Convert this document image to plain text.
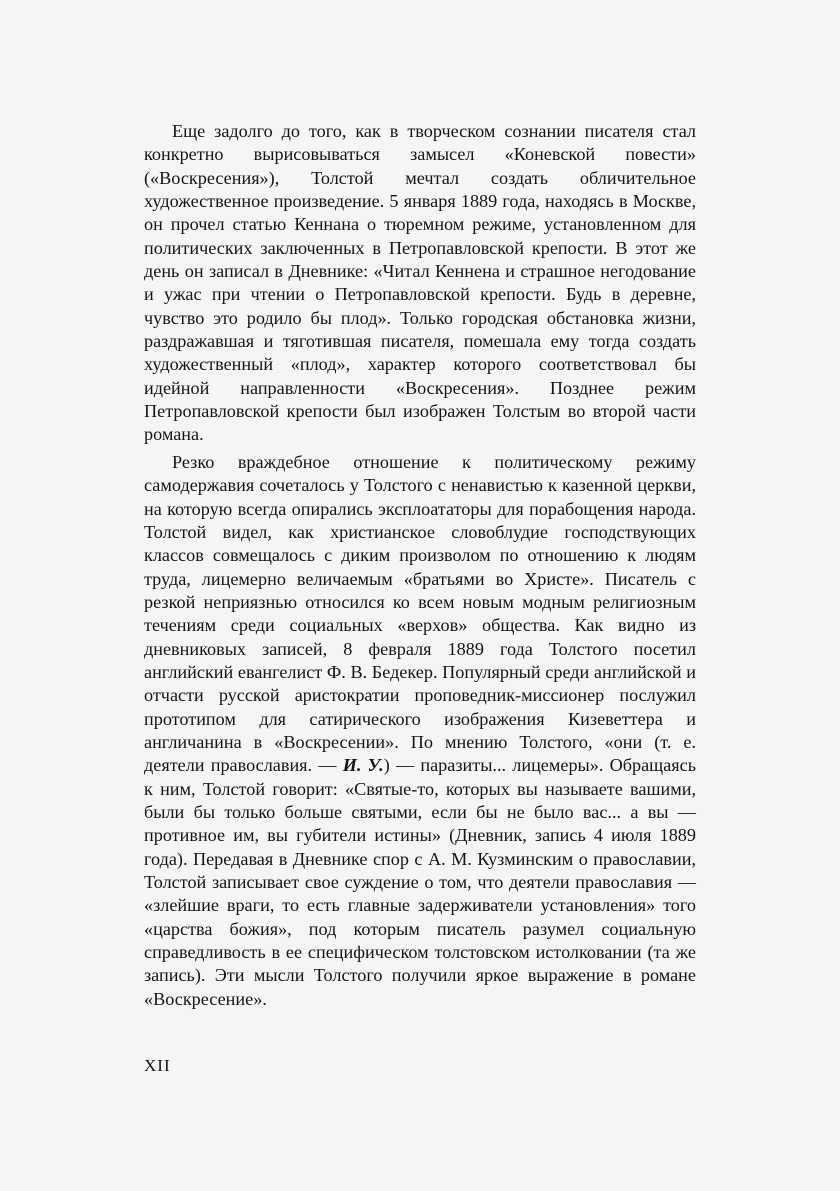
Еще задолго до того, как в творческом сознании писателя стал конкретно вырисовываться замысел «Коневской повести» («Воскресения»), Толстой мечтал создать обличительное художественное произведение. 5 января 1889 года, находясь в Москве, он прочел статью Кеннана о тюремном режиме, установленном для политических заключенных в Петропавловской крепости. В этот же день он записал в Дневнике: «Читал Кеннена и страшное негодование и ужас при чтении о Петропавловской крепости. Будь в деревне, чувство это родило бы плод». Только городская обстановка жизни, раздражавшая и тяготившая писателя, помешала ему тогда создать художественный «плод», характер которого соответствовал бы идейной направленности «Воскресения». Позднее режим Петропавловской крепости был изображен Толстым во второй части романа.

Резко враждебное отношение к политическому режиму самодержавия сочеталось у Толстого с ненавистью к казенной церкви, на которую всегда опирались эксплоататоры для порабощения народа. Толстой видел, как христианское словоблудие господствующих классов совмещалось с диким произволом по отношению к людям труда, лицемерно величаемым «братьями во Христе». Писатель с резкой неприязнью относился ко всем новым модным религиозным течениям среди социальных «верхов» общества. Как видно из дневниковых записей, 8 февраля 1889 года Толстого посетил английский евангелист Ф. В. Бедекер. Популярный среди английской и отчасти русской аристократии проповедник-миссионер послужил прототипом для сатирического изображения Кизеветтера и англичанина в «Воскресении». По мнению Толстого, «они (т. е. деятели православия. — И. У.) — паразиты... лицемеры». Обращаясь к ним, Толстой говорит: «Святые-то, которых вы называете вашими, были бы только больше святыми, если бы не было вас... а вы — противное им, вы губители истины» (Дневник, запись 4 июля 1889 года). Передавая в Дневнике спор с А. М. Кузминским о православии, Толстой записывает свое суждение о том, что деятели православия — «злейшие враги, то есть главные задерживатели установления» того «царства божия», под которым писатель разумел социальную справедливость в ее специфическом толстовском истолковании (та же запись). Эти мысли Толстого получили яркое выражение в романе «Воскресение».

XII
